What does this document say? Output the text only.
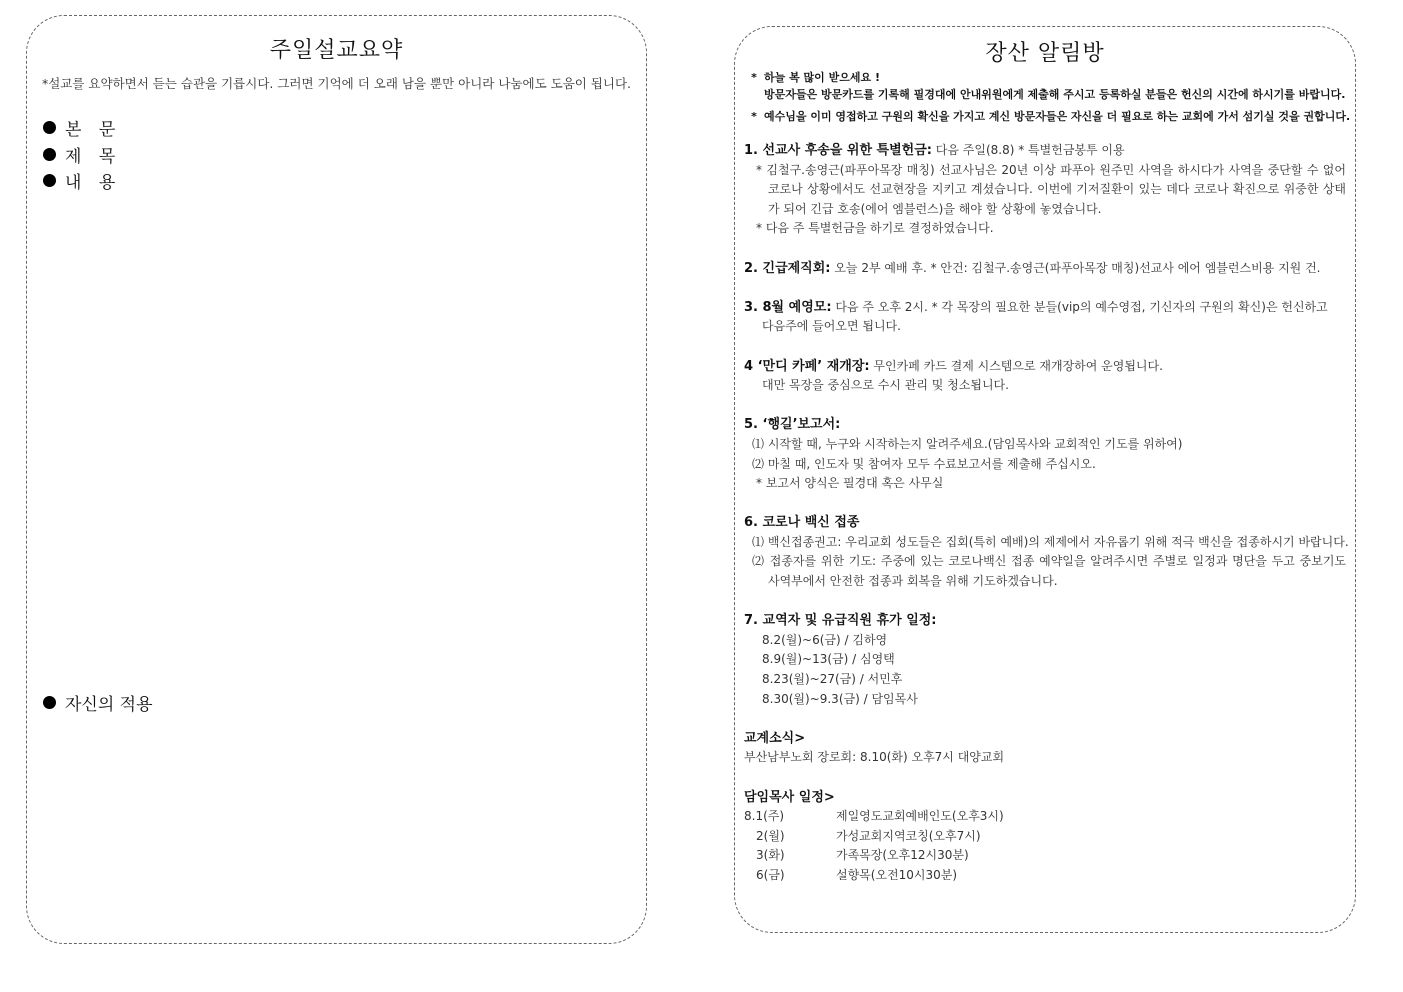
주일설교요약
*설교를 요약하면서 듣는 습관을 기릅시다. 그러면 기억에 더 오래 남을 뿐만 아니라 나눔에도 도움이 됩니다.
본 문
제 목
내 용
자신의 적용
장산 알림방
* 하늘 복 많이 받으세요 !
방문자들은 방문카드를 기록해 필경대에 안내위원에게 제출해 주시고 등록하실 분들은 헌신의 시간에 하시기를 바랍니다.
* 예수님을 이미 영접하고 구원의 확신을 가지고 계신 방문자들은 자신을 더 필요로 하는 교회에 가서 섬기실 것을 권합니다.
1. 선교사 후송을 위한 특별헌금: 다음 주일(8.8) * 특별헌금봉투 이용
* 김철구.송영근(파푸아목장 매칭) 선교사님은 20년 이상 파푸아 원주민 사역을 하시다가 사역을 중단할 수 없어
코로나 상황에서도 선교현장을 지키고 계셨습니다. 이번에 기저질환이 있는 데다 코로나 확진으로 위중한 상태
가 되어 긴급 호송(에어 엠블런스)을 해야 할 상황에 놓였습니다.
* 다음 주 특별헌금을 하기로 결정하였습니다.
2. 긴급제직회: 오늘 2부 예배 후. * 안건: 김철구.송영근(파푸아목장 매칭)선교사 에어 엠블런스비용 지원 건.
3. 8월 예영모: 다음 주 오후 2시. * 각 목장의 필요한 분들(vip의 예수영접, 기신자의 구원의 확신)은 헌신하고
다음주에 들어오면 됩니다.
4 ‘만디 카페’ 재개장: 무인카페 카드 결제 시스템으로 재개장하여 운영됩니다.
대만 목장을 중심으로 수시 관리 및 청소됩니다.
5. ‘행길’보고서:
⑴ 시작할 때, 누구와 시작하는지 알려주세요.(담임목사와 교회적인 기도를 위하여)
⑵ 마칠 때, 인도자 및 참여자 모두 수료보고서를 제출해 주십시오.
* 보고서 양식은 필경대 혹은 사무실
6. 코로나 백신 접종
⑴ 백신접종권고: 우리교회 성도들은 집회(특히 예배)의 제제에서 자유롭기 위해 적극 백신을 접종하시기 바랍니다.
⑵ 접종자를 위한 기도: 주중에 있는 코로나백신 접종 예약일을 알려주시면 주별로 일정과 명단을 두고 중보기도
사역부에서 안전한 접종과 회복을 위해 기도하겠습니다.
7. 교역자 및 유급직원 휴가 일정:
8.2(월)~6(금) / 김하영
8.9(월)~13(금) / 심영택
8.23(월)~27(금) / 서민후
8.30(월)~9.3(금) / 담임목사
교계소식>
부산남부노회 장로회: 8.10(화) 오후7시 대양교회
담임목사 일정>
8.1(주)	제일영도교회예배인도(오후3시)
2(월)	가성교회지역코칭(오후7시)
3(화)	가족목장(오후12시30분)
6(금)	설향목(오전10시30분)
